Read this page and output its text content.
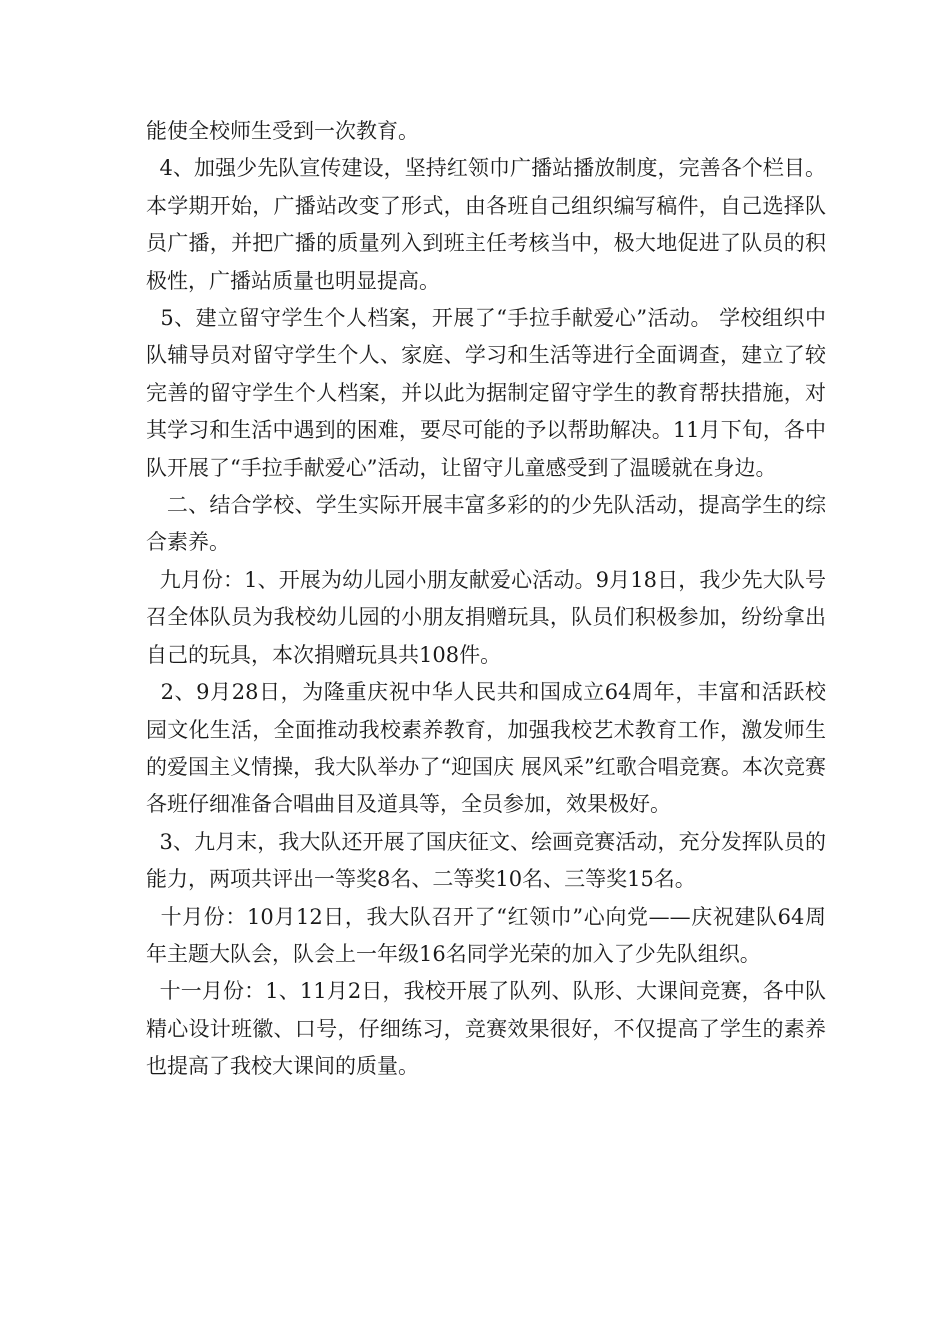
能使全校师生受到一次教育。

4、加强少先队宣传建设，坚持红领巾广播站播放制度，完善各个栏目。本学期开始，广播站改变了形式，由各班自己组织编写稿件，自己选择队员广播，并把广播的质量列入到班主任考核当中，极大地促进了队员的积极性，广播站质量也明显提高。

5、建立留守学生个人档案，开展了“手拉手献爱心”活动。 学校组织中队辅导员对留守学生个人、家庭、学习和生活等进行全面调查，建立了较完善的留守学生个人档案，并以此为据制定留守学生的教育帮扶措施，对其学习和生活中遇到的困难，要尽可能的予以帮助解决。11月下旬，各中队开展了“手拉手献爱心”活动，让留守儿童感受到了温暖就在身边。

二、结合学校、学生实际开展丰富多彩的的少先队活动，提高学生的综合素养。

九月份：1、开展为幼儿园小朋友献爱心活动。9月18日，我少先大队号召全体队员为我校幼儿园的小朋友捐赠玩具，队员们积极参加，纷纷拿出自己的玩具，本次捐赠玩具共108件。

2、9月28日，为隆重庆祝中华人民共和国成立64周年，丰富和活跃校园文化生活，全面推动我校素养教育，加强我校艺术教育工作，激发师生的爱国主义情操，我大队举办了“迎国庆 展风采”红歌合唱竞赛。本次竞赛各班仔细准备合唱曲目及道具等，全员参加，效果极好。

3、九月末，我大队还开展了国庆征文、绘画竞赛活动，充分发挥队员的能力，两项共评出一等奖8名、二等奖10名、三等奖15名。

十月份：10月12日，我大队召开了“红领巾”心向党——庆祝建队64周年主题大队会，队会上一年级16名同学光荣的加入了少先队组织。

十一月份：1、11月2日，我校开展了队列、队形、大课间竞赛，各中队精心设计班徽、口号，仔细练习，竞赛效果很好，不仅提高了学生的素养也提高了我校大课间的质量。
